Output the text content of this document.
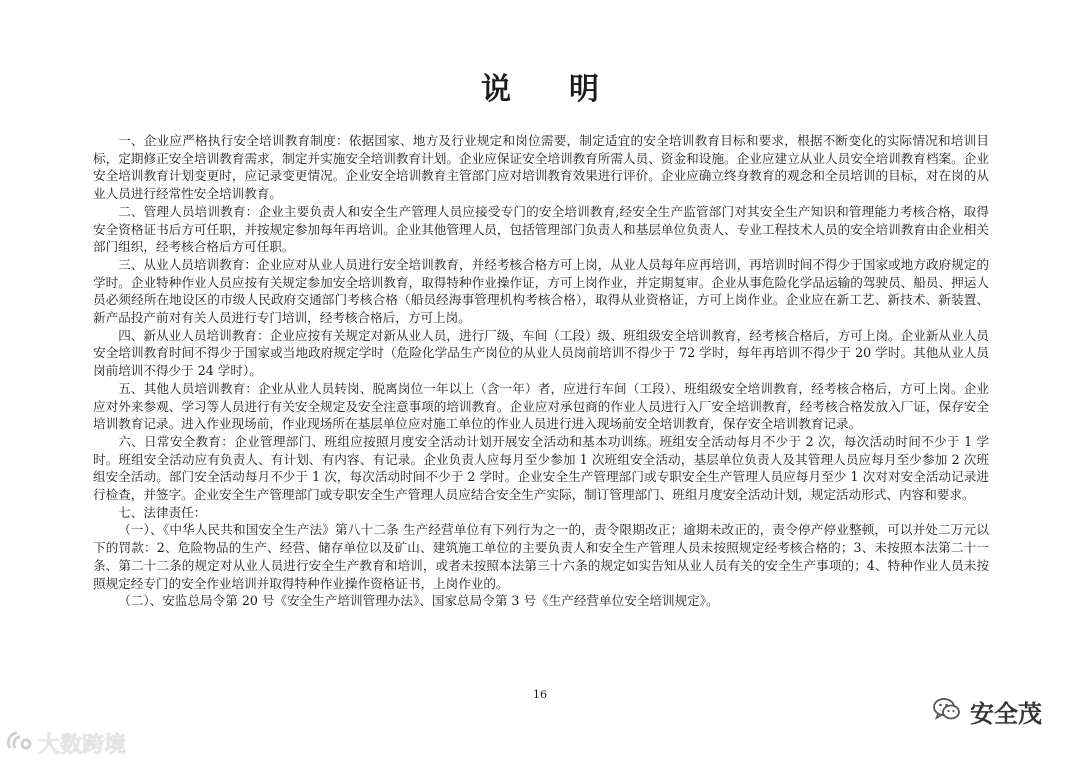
说 明

一、企业应严格执行安全培训教育制度：依据国家、地方及行业规定和岗位需要，制定适宜的安全培训教育目标和要求，根据不断变化的实际情况和培训目标，定期修正安全培训教育需求，制定并实施安全培训教育计划。企业应保证安全培训教育所需人员、资金和设施。企业应建立从业人员安全培训教育档案。企业安全培训教育计划变更时，应记录变更情况。企业安全培训教育主管部门应对培训教育效果进行评价。企业应确立终身教育的观念和全员培训的目标，对在岗的从业人员进行经常性安全培训教育。

二、管理人员培训教育：企业主要负责人和安全生产管理人员应接受专门的安全培训教育,经安全生产监管部门对其安全生产知识和管理能力考核合格，取得安全资格证书后方可任职，并按规定参加每年再培训。企业其他管理人员，包括管理部门负责人和基层单位负责人、专业工程技术人员的安全培训教育由企业相关部门组织，经考核合格后方可任职。

三、从业人员培训教育：企业应对从业人员进行安全培训教育，并经考核合格方可上岗，从业人员每年应再培训，再培训时间不得少于国家或地方政府规定的学时。企业特种作业人员应按有关规定参加安全培训教育，取得特种作业操作证，方可上岗作业，并定期复审。企业从事危险化学品运输的驾驶员、船员、押运人员必须经所在地设区的市级人民政府交通部门考核合格（船员经海事管理机构考核合格），取得从业资格证，方可上岗作业。企业应在新工艺、新技术、新装置、新产品投产前对有关人员进行专门培训，经考核合格后，方可上岗。

四、新从业人员培训教育：企业应按有关规定对新从业人员，进行厂级、车间（工段）级、班组级安全培训教育，经考核合格后，方可上岗。企业新从业人员安全培训教育时间不得少于国家或当地政府规定学时（危险化学品生产岗位的从业人员岗前培训不得少于 72 学时，每年再培训不得少于 20 学时。其他从业人员岗前培训不得少于 24 学时）。

五、其他人员培训教育：企业从业人员转岗、脱离岗位一年以上（含一年）者，应进行车间（工段）、班组级安全培训教育，经考核合格后，方可上岗。企业应对外来参观、学习等人员进行有关安全规定及安全注意事项的培训教育。企业应对承包商的作业人员进行入厂安全培训教育，经考核合格发放入厂证，保存安全培训教育记录。进入作业现场前，作业现场所在基层单位应对施工单位的作业人员进行进入现场前安全培训教育，保存安全培训教育记录。

六、日常安全教育：企业管理部门、班组应按照月度安全活动计划开展安全活动和基本功训练。班组安全活动每月不少于 2 次，每次活动时间不少于 1 学时。班组安全活动应有负责人、有计划、有内容、有记录。企业负责人应每月至少参加 1 次班组安全活动，基层单位负责人及其管理人员应每月至少参加 2 次班组安全活动。部门安全活动每月不少于 1 次，每次活动时间不少于 2 学时。企业安全生产管理部门或专职安全生产管理人员应每月至少 1 次对对安全活动记录进行检查，并签字。企业安全生产管理部门或专职安全生产管理人员应结合安全生产实际，制订管理部门、班组月度安全活动计划，规定活动形式、内容和要求。

七、法律责任：

（一）、《中华人民共和国安全生产法》第八十二条 生产经营单位有下列行为之一的，责令限期改正；逾期未改正的，责令停产停业整顿，可以并处二万元以下的罚款：2、危险物品的生产、经营、储存单位以及矿山、建筑施工单位的主要负责人和安全生产管理人员未按照规定经考核合格的；3、未按照本法第二十一条、第二十二条的规定对从业人员进行安全生产教育和培训，或者未按照本法第三十六条的规定如实告知从业人员有关的安全生产事项的；4、特种作业人员未按照规定经专门的安全作业培训并取得特种作业操作资格证书，上岗作业的。

（二）、安监总局令第 20 号《安全生产培训管理办法》、国家总局令第 3 号《生产经营单位安全培训规定》。

16
大数跨境
安全茂
